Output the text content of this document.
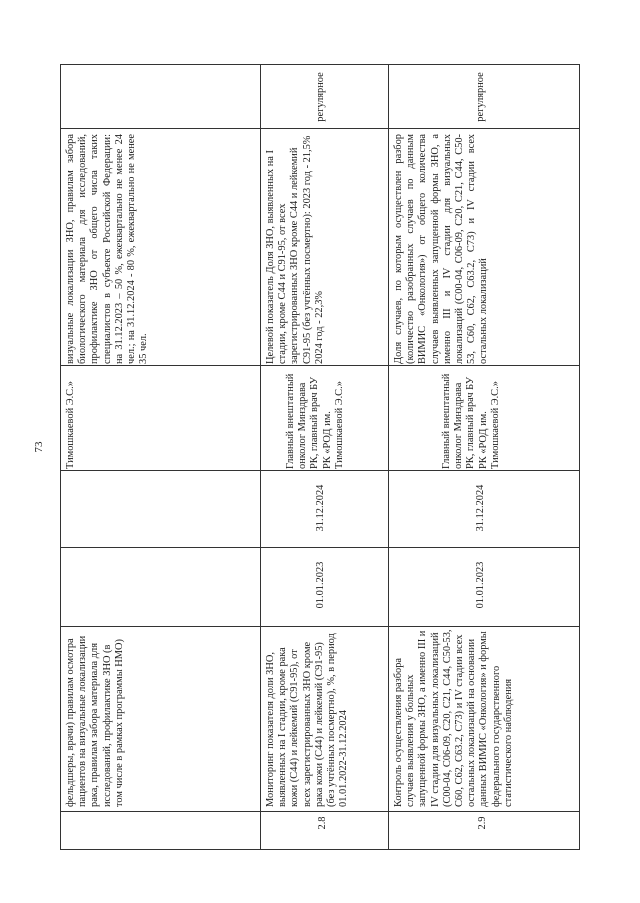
73
фельдшеры, врачи) правилам осмотра пациентов на визуальные локализации рака, правилам забора материала для исследований, профилактике ЗНО (в том числе в рамках программы НМО)
визуальные локализации ЗНО, правилам забора биологического материала для исследований, профилактике ЗНО от общего числа таких специалистов в субъекте Российской Федерации: на 31.12.2023 – 50 %, ежеквартально не менее 24 чел.; на 31.12.2024 - 80 %, ежеквартально не менее 35 чел.
Тимошкаевой Э.С.»
2.8
Мониторинг показателя доли ЗНО, выявленных на I стадии, кроме рака кожи (С44) и лейкемий (С91-95), от всех зарегистрированных ЗНО кроме рака кожи (С44) и лейкемий (С91-95) (без учтённых посмертно), %, в период 01.01.2022-31.12.2024
01.01.2023
31.12.2024
Главный внештатный онколог Минздрава РК, главный врач БУ РК «РОД им. Тимошкаевой Э.С.»
Целевой показатель Доля ЗНО, выявленных на I стадии, кроме С44 и С91-95, от всех зарегистрированных ЗНО кроме С44 и лейкемий С91-95 (без учтённых посмертно): 2023 год - 21,5% 2024 год - 22,3%
регулярное
2.9
Контроль осуществления разбора случаев выявления у больных запущенной формы ЗНО, а именно III и IV стадии для визуальных локализаций (С00-04, С06-09, С20, С21, С44, С50-53, С60, С62, С63.2, С73) и IV стадии всех остальных локализаций на основании данных ВИМИС «Онкология» и формы федерального государственного статистического наблюдения
01.01.2023
31.12.2024
Главный внештатный онколог Минздрава РК, главный врач БУ РК «РОД им. Тимошкаевой Э.С.»
Доля случаев, по которым осуществлен разбор (количество разобранных случаев по данным ВИМИС «Онкология») от общего количества случаев выявленных запущенной формы ЗНО, а именно III и IV стадии для визуальных локализаций (С00-04, С06-09, С20, С21, С44, С50-53, С60, С62, С63.2, С73) и IV стадии всех остальных локализаций
регулярное
